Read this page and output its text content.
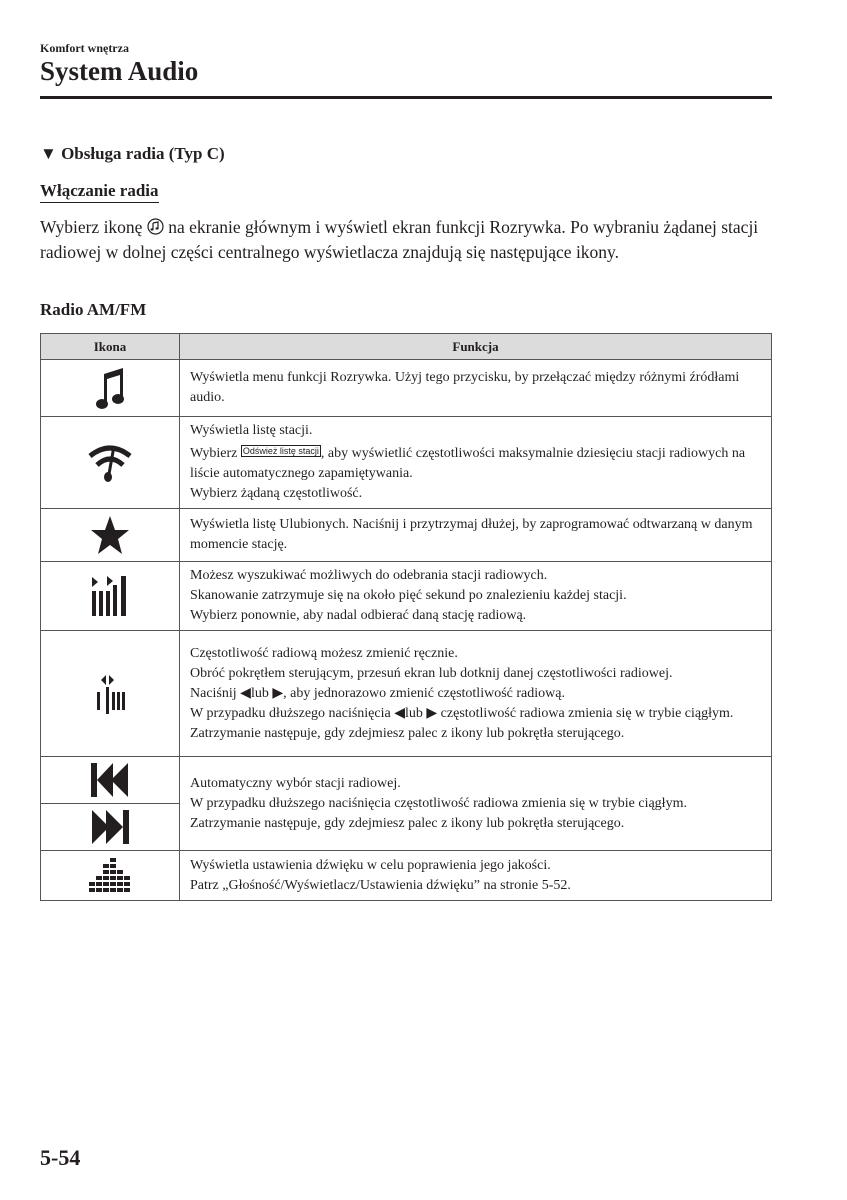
Komfort wnętrza
System Audio
▼ Obsługa radia (Typ C)
Włączanie radia
Wybierz ikonę  na ekranie głównym i wyświetl ekran funkcji Rozrywka. Po wybraniu żądanej stacji radiowej w dolnej części centralnego wyświetlacza znajdują się następujące ikony.
Radio AM/FM
Ikona	Funkcja
	Wyświetla menu funkcji Rozrywka. Użyj tego przycisku, by przełączać między różnymi źródłami audio.

Wyświetla listę stacji.
Wybierz $^{Odśwież listę stacji}$ , aby wyświetlić częstotliwości maksymalnie dziesięciu stacji radiowych na liście automatycznego zapamiętywania.
Wybierz żądaną częstotliwość.

	Wyświetla listę Ulubionych. Naciśnij i przytrzymaj dłużej, by zaprogramować odtwarzaną w danym momencie stację.

Możesz wyszukiwać możliwych do odebrania stacji radiowych.
Skanowanie zatrzymuje się na około pięć sekund po znalezieniu każdej stacji.
Wybierz ponownie, aby nadal odbierać daną stację radiową.

Częstotliwość radiową możesz zmienić ręcznie.
Obróć pokrętłem sterującym, przesuń ekran lub dotknij danej częstotliwości radiowej.
Naciśnij ◀lub ▶, aby jednorazowo zmienić częstotliwość radiową.
W przypadku dłuższego naciśnięcia ◀lub ▶ częstotliwość radiowa zmienia się w trybie ciągłym. Zatrzymanie następuje, gdy zdejmiesz palec z ikony lub pokrętła sterującego.

Automatyczny wybór stacji radiowej.
W przypadku dłuższego naciśnięcia częstotliwość radiowa zmienia się w trybie ciągłym. Zatrzymanie następuje, gdy zdejmiesz palec z ikony lub pokrętła sterującego.

Wyświetla ustawienia dźwięku w celu poprawienia jego jakości.
Patrz „Głośność/Wyświetlacz/Ustawienia dźwięku” na stronie 5-52.
5-54
